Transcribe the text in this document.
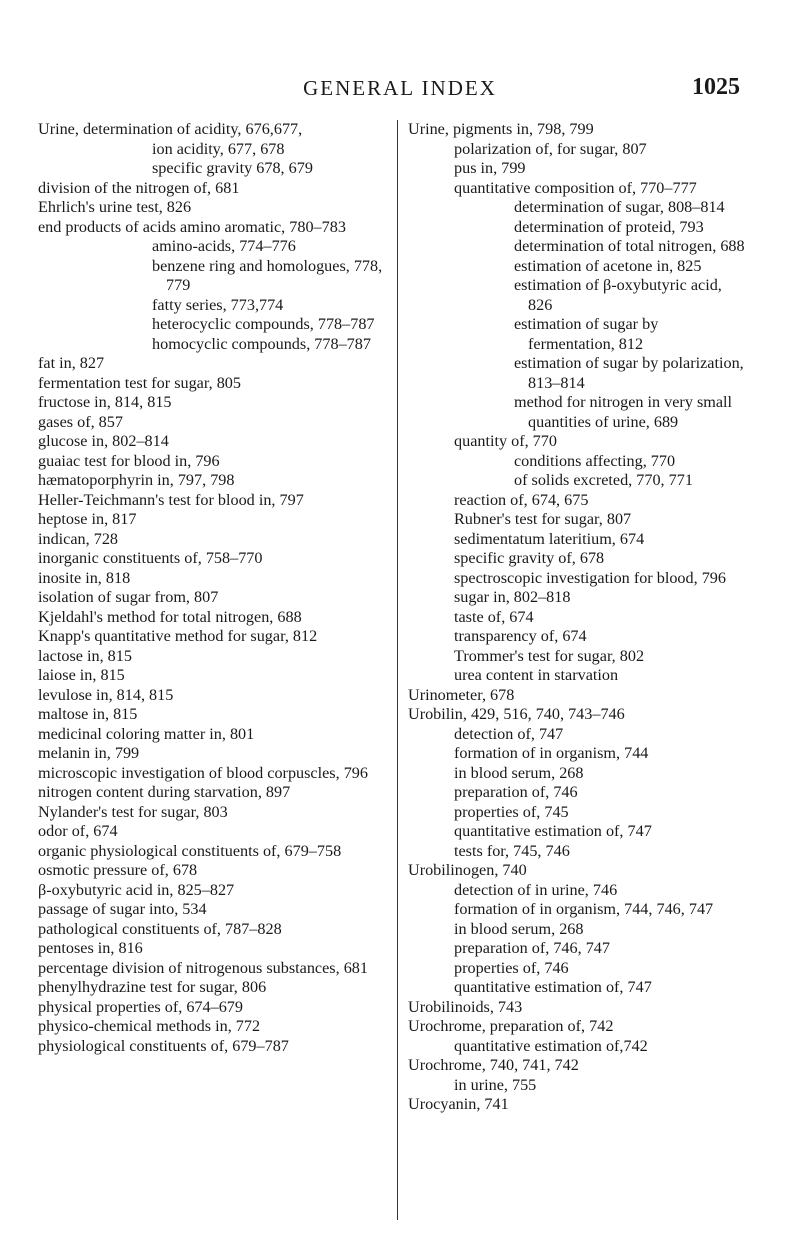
GENERAL INDEX	1025
Urine, determination of acidity, 676,677,
ion acidity, 677, 678
specific gravity 678, 679
division of the nitrogen of, 681
Ehrlich's urine test, 826
end products of acids amino aromatic, 780–783
amino-acids, 774–776
benzene ring and homologues, 778, 779
fatty series, 773,774
heterocyclic compounds, 778–787
homocyclic compounds, 778–787
fat in, 827
fermentation test for sugar, 805
fructose in, 814, 815
gases of, 857
glucose in, 802–814
guaiac test for blood in, 796
hæmatoporphyrin in, 797, 798
Heller-Teichmann's test for blood in, 797
heptose in, 817
indican, 728
inorganic constituents of, 758–770
inosite in, 818
isolation of sugar from, 807
Kjeldahl's method for total nitrogen, 688
Knapp's quantitative method for sugar, 812
lactose in, 815
laiose in, 815
levulose in, 814, 815
maltose in, 815
medicinal coloring matter in, 801
melanin in, 799
microscopic investigation of blood corpuscles, 796
nitrogen content during starvation, 897
Nylander's test for sugar, 803
odor of, 674
organic physiological constituents of, 679–758
osmotic pressure of, 678
β-oxybutyric acid in, 825–827
passage of sugar into, 534
pathological constituents of, 787–828
pentoses in, 816
percentage division of nitrogenous substances, 681
phenylhydrazine test for sugar, 806
physical properties of, 674–679
physico-chemical methods in, 772
physiological constituents of, 679–787
Urine, pigments in, 798, 799
polarization of, for sugar, 807
pus in, 799
quantitative composition of, 770–777
determination of sugar, 808–814
determination of proteid, 793
determination of total nitrogen, 688
estimation of acetone in, 825
estimation of β-oxybutyric acid, 826
estimation of sugar by fermentation, 812
estimation of sugar by polarization, 813–814
method for nitrogen in very small quantities of urine, 689
quantity of, 770
conditions affecting, 770
of solids excreted, 770, 771
reaction of, 674, 675
Rubner's test for sugar, 807
sedimentatum lateritium, 674
specific gravity of, 678
spectroscopic investigation for blood, 796
sugar in, 802–818
taste of, 674
transparency of, 674
Trommer's test for sugar, 802
urea content in starvation
Urinometer, 678
Urobilin, 429, 516, 740, 743–746
detection of, 747
formation of in organism, 744
in blood serum, 268
preparation of, 746
properties of, 745
quantitative estimation of, 747
tests for, 745, 746
Urobilinogen, 740
detection of in urine, 746
formation of in organism, 744, 746, 747
in blood serum, 268
preparation of, 746, 747
properties of, 746
quantitative estimation of, 747
Urobilinoids, 743
Urochrome, preparation of, 742
quantitative estimation of,742
Urochrome, 740, 741, 742
in urine, 755
Urocyanin, 741
